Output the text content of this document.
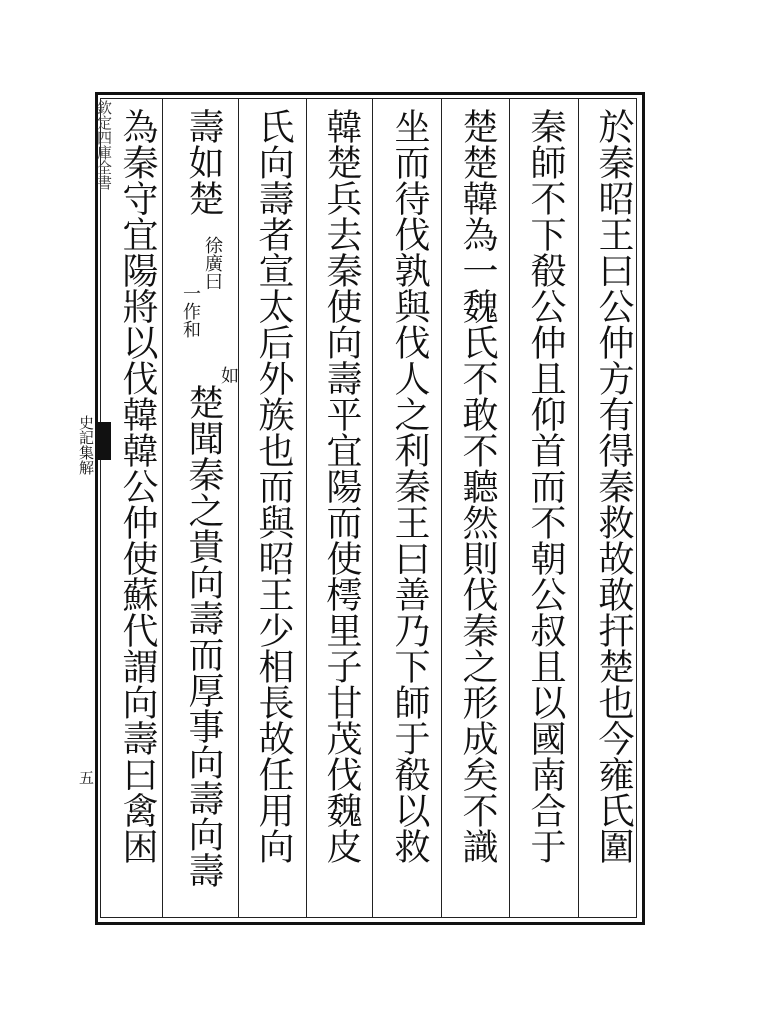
欽定四庫全書
史記集解
五	於秦昭王曰公仲方有得秦救故敢扞楚也今雍氏圍
秦師不下殽公仲且仰首而不朝公叔且以國南合于
楚楚韓為一魏氏不敢不聽然則伐秦之形成矣不識
坐而待伐孰與伐人之利秦王曰善乃下師于殽以救
韓楚兵去秦使向壽平宜陽而使樗里子甘茂伐魏皮
氏向壽者宣太后外族也而與昭王少相長故任用向
壽如楚
徐廣曰
一作和
如
楚聞秦之貴向壽而厚事向壽向壽
為秦守宜陽將以伐韓韓公仲使蘇代謂向壽曰禽困
